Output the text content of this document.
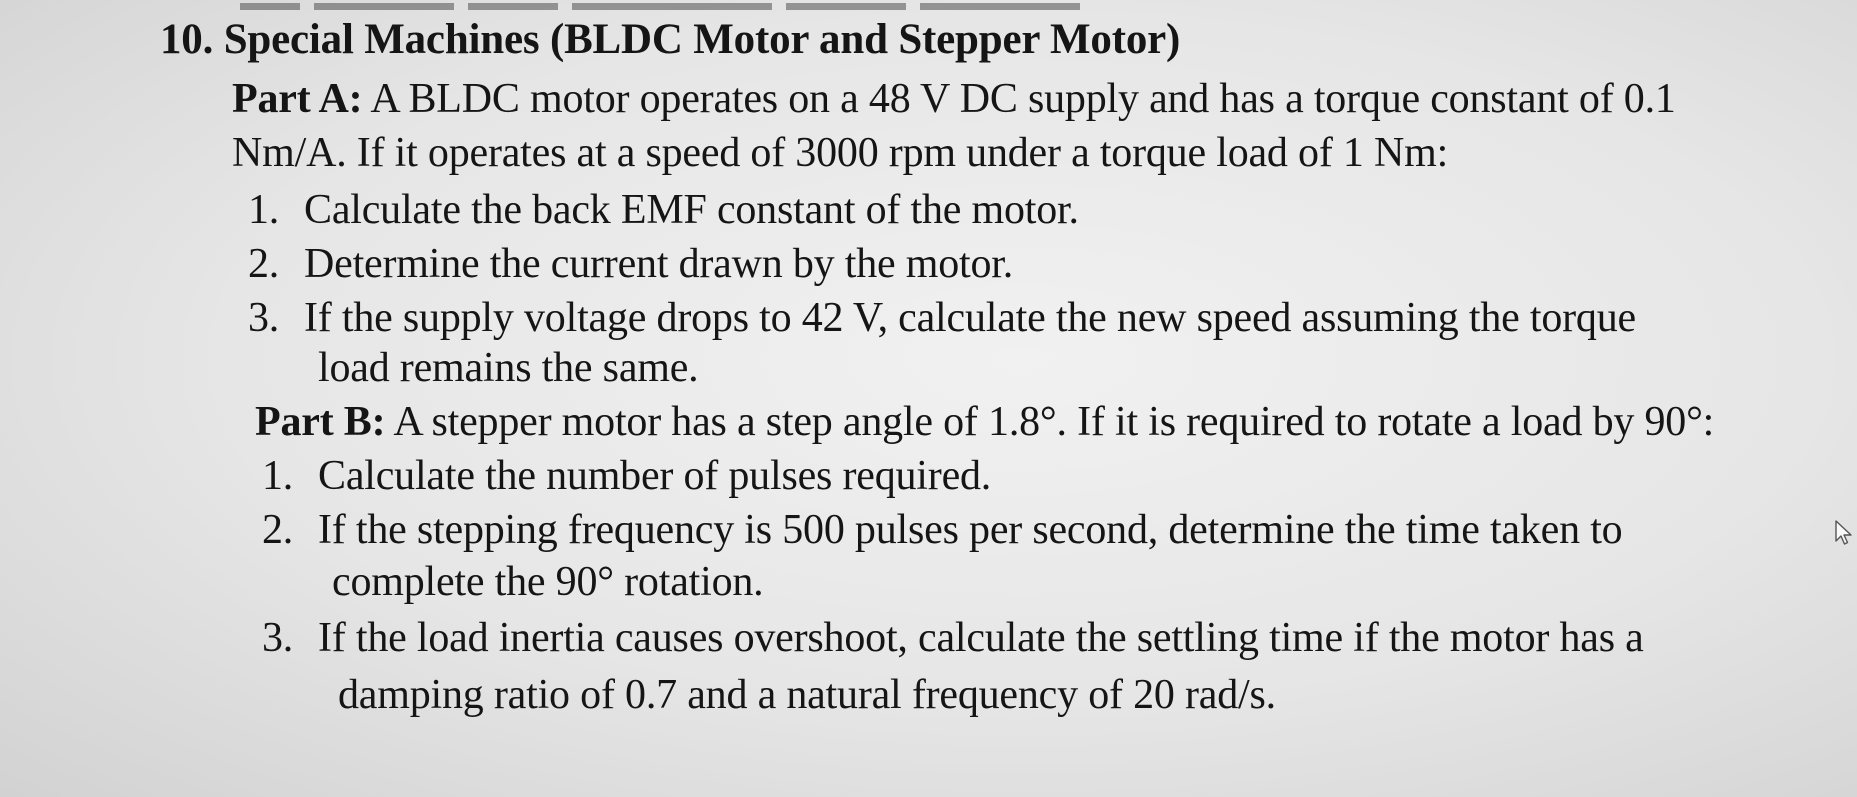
10. Special Machines (BLDC Motor and Stepper Motor)
Part A: A BLDC motor operates on a 48 V DC supply and has a torque constant of 0.1
Nm/A. If it operates at a speed of 3000 rpm under a torque load of 1 Nm:
1. Calculate the back EMF constant of the motor.
2. Determine the current drawn by the motor.
3. If the supply voltage drops to 42 V, calculate the new speed assuming the torque
load remains the same.
Part B: A stepper motor has a step angle of 1.8°. If it is required to rotate a load by 90°:
1. Calculate the number of pulses required.
2. If the stepping frequency is 500 pulses per second, determine the time taken to
complete the 90° rotation.
3. If the load inertia causes overshoot, calculate the settling time if the motor has a
damping ratio of 0.7 and a natural frequency of 20 rad/s.
